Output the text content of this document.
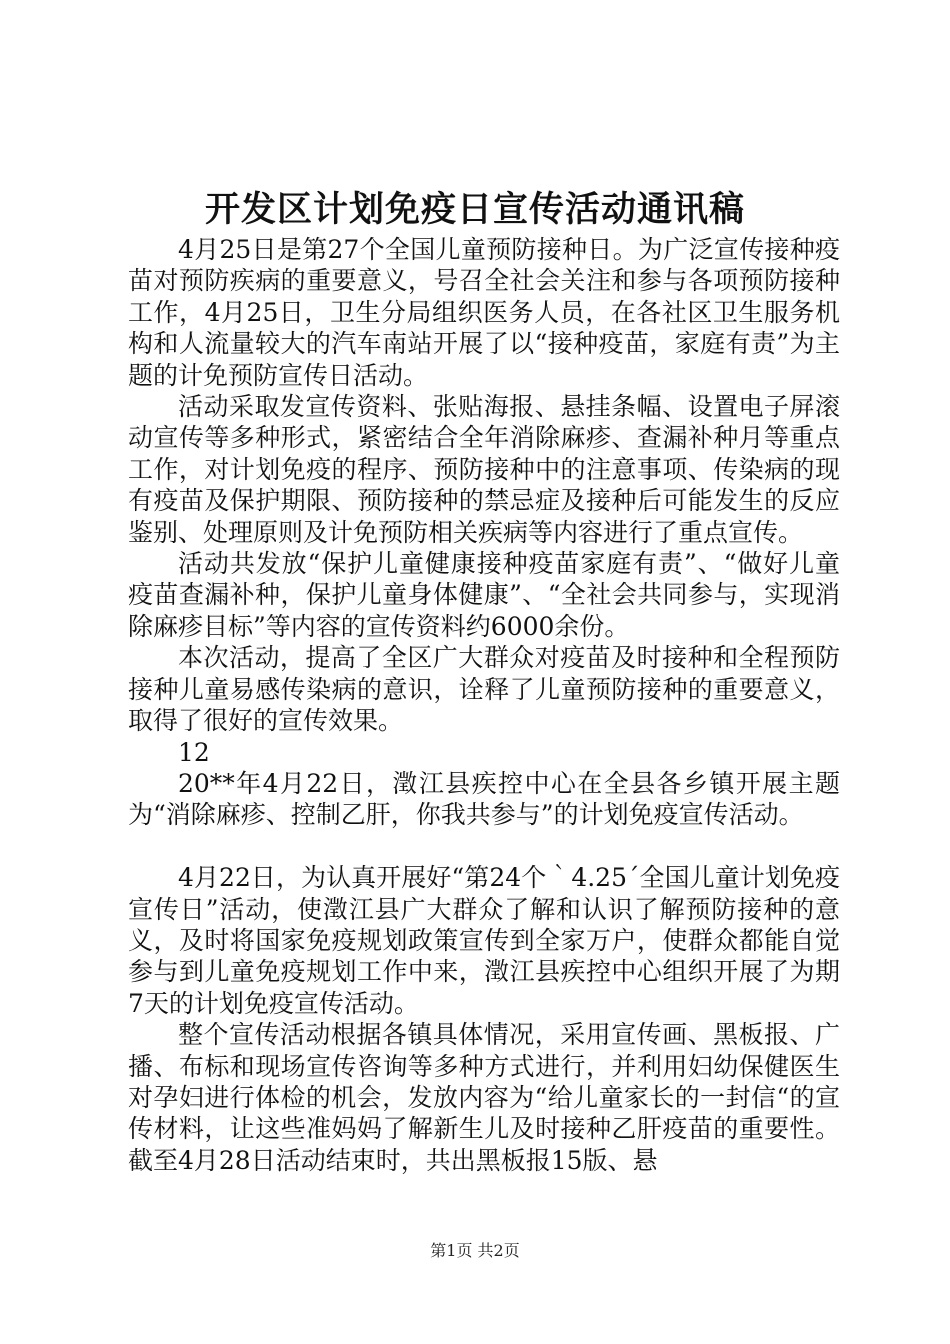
开发区计划免疫日宣传活动通讯稿

4月25日是第27个全国儿童预防接种日。为广泛宣传接种疫苗对预防疾病的重要意义，号召全社会关注和参与各项预防接种工作，4月25日，卫生分局组织医务人员，在各社区卫生服务机构和人流量较大的汽车南站开展了以“接种疫苗，家庭有责”为主题的计免预防宣传日活动。

活动采取发宣传资料、张贴海报、悬挂条幅、设置电子屏滚动宣传等多种形式，紧密结合全年消除麻疹、查漏补种月等重点工作，对计划免疫的程序、预防接种中的注意事项、传染病的现有疫苗及保护期限、预防接种的禁忌症及接种后可能发生的反应鉴别、处理原则及计免预防相关疾病等内容进行了重点宣传。

活动共发放“保护儿童健康接种疫苗家庭有责”、“做好儿童疫苗查漏补种，保护儿童身体健康”、“全社会共同参与，实现消除麻疹目标”等内容的宣传资料约6000余份。

本次活动，提高了全区广大群众对疫苗及时接种和全程预防接种儿童易感传染病的意识，诠释了儿童预防接种的重要意义，取得了很好的宣传效果。

12

20**年4月22日，澂江县疾控中心在全县各乡镇开展主题为“消除麻疹、控制乙肝，你我共参与”的计划免疫宣传活动。

4月22日，为认真开展好“第24个｀4.25´全国儿童计划免疫宣传日”活动，使澂江县广大群众了解和认识了解预防接种的意义，及时将国家免疫规划政策宣传到全家万户，使群众都能自觉参与到儿童免疫规划工作中来，澂江县疾控中心组织开展了为期7天的计划免疫宣传活动。

整个宣传活动根据各镇具体情况，采用宣传画、黑板报、广播、布标和现场宣传咨询等多种方式进行，并利用妇幼保健医生对孕妇进行体检的机会，发放内容为“给儿童家长的一封信“的宣传材料，让这些准妈妈了解新生儿及时接种乙肝疫苗的重要性。截至4月28日活动结束时，共出黑板报15版、悬

第1页 共2页
